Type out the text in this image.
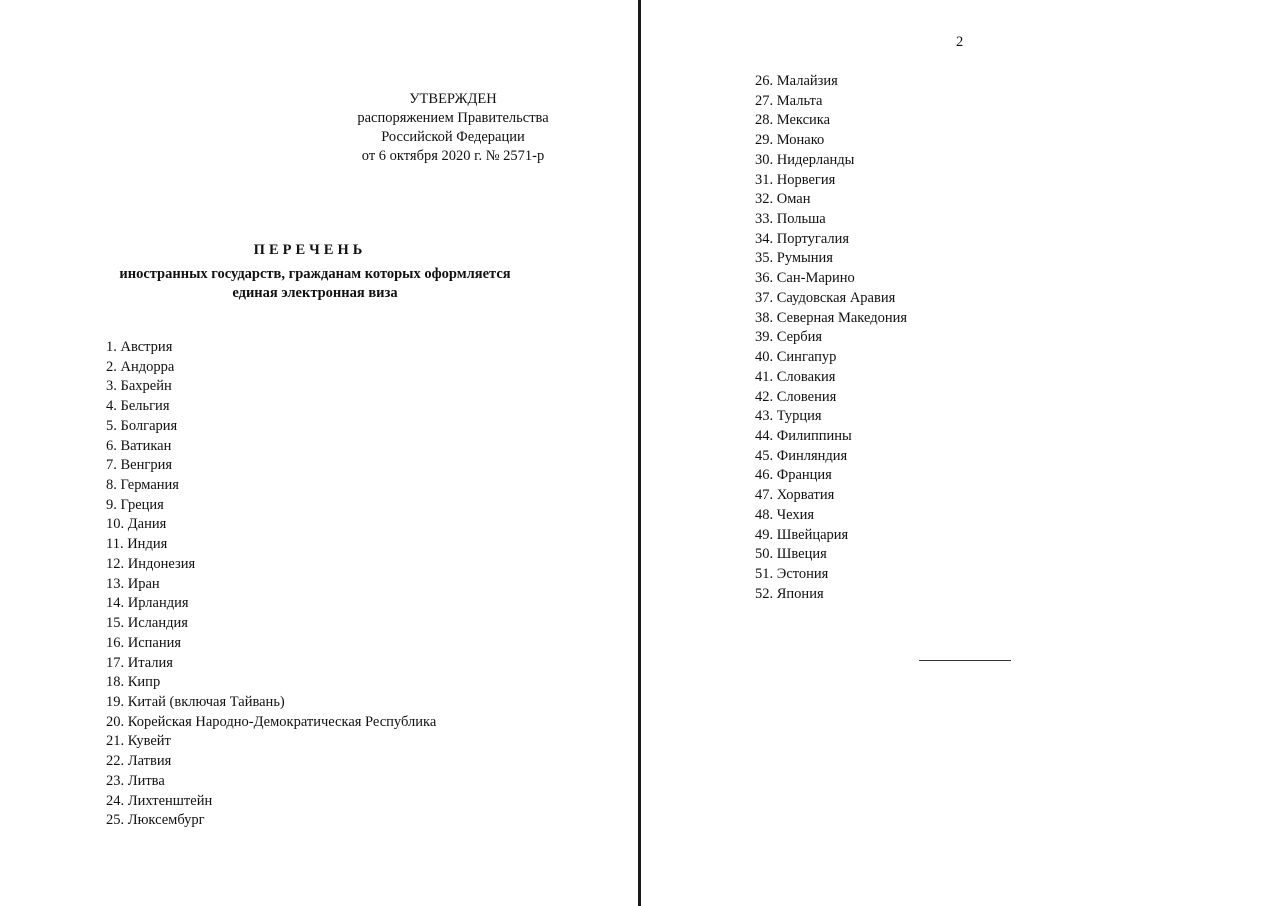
УТВЕРЖДЕН
распоряжением Правительства
Российской Федерации
от 6 октября 2020 г. № 2571-р
ПЕРЕЧЕНЬ
иностранных государств, гражданам которых оформляется
единая электронная виза
1. Австрия
2. Андорра
3. Бахрейн
4. Бельгия
5. Болгария
6. Ватикан
7. Венгрия
8. Германия
9. Греция
10. Дания
11. Индия
12. Индонезия
13. Иран
14. Ирландия
15. Исландия
16. Испания
17. Италия
18. Кипр
19. Китай (включая Тайвань)
20. Корейская Народно-Демократическая Республика
21. Кувейт
22. Латвия
23. Литва
24. Лихтенштейн
25. Люксембург
2
26. Малайзия
27. Мальта
28. Мексика
29. Монако
30. Нидерланды
31. Норвегия
32. Оман
33. Польша
34. Португалия
35. Румыния
36. Сан-Марино
37. Саудовская Аравия
38. Северная Македония
39. Сербия
40. Сингапур
41. Словакия
42. Словения
43. Турция
44. Филиппины
45. Финляндия
46. Франция
47. Хорватия
48. Чехия
49. Швейцария
50. Швеция
51. Эстония
52. Япония
